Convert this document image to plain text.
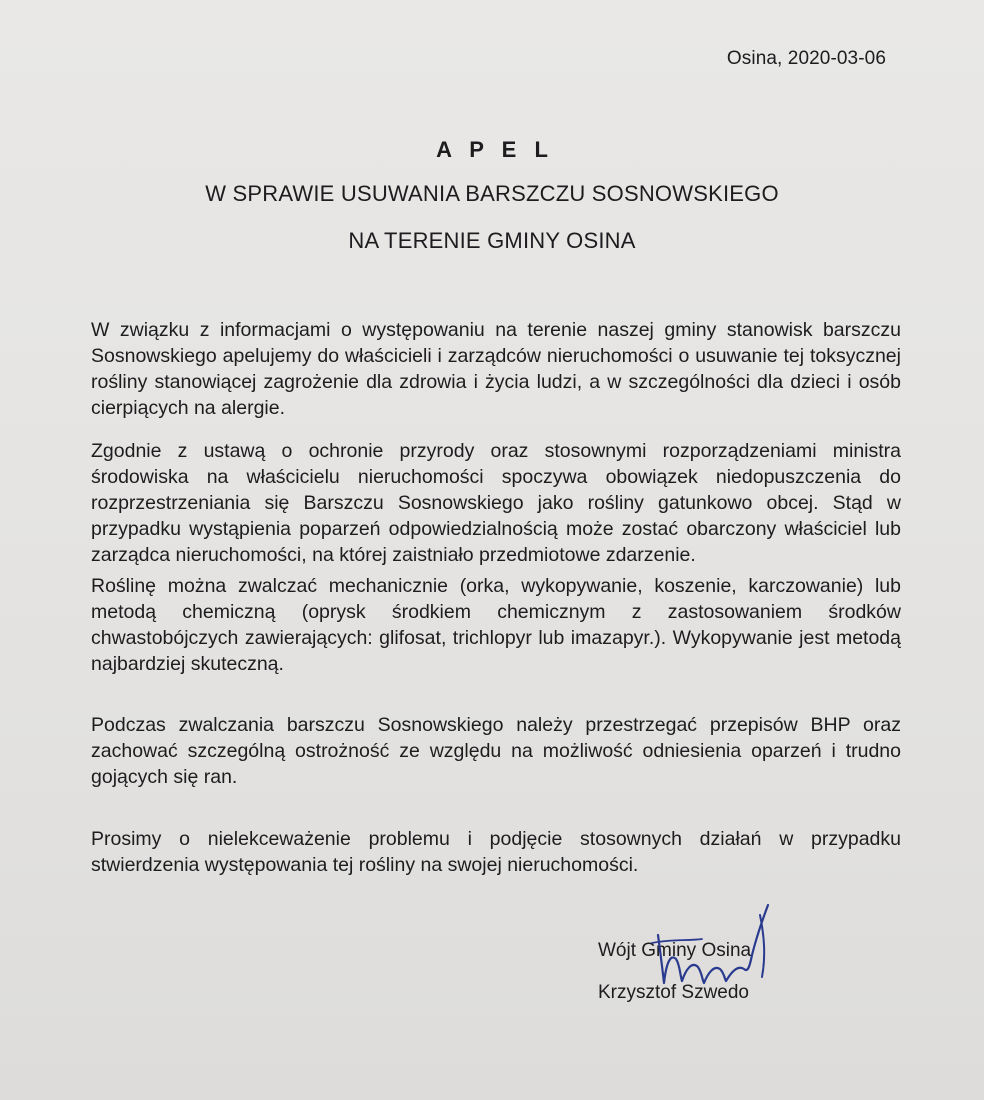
Osina, 2020-03-06
A P E L
W SPRAWIE USUWANIA BARSZCZU SOSNOWSKIEGO
NA TERENIE GMINY OSINA
W związku z informacjami o występowaniu na terenie naszej gminy stanowisk barszczu Sosnowskiego apelujemy do właścicieli i zarządców nieruchomości o usuwanie tej toksycznej rośliny stanowiącej zagrożenie dla zdrowia i życia ludzi, a w szczególności dla dzieci i osób cierpiących na alergie.
Zgodnie z ustawą o ochronie przyrody oraz stosownymi rozporządzeniami ministra środowiska na właścicielu nieruchomości spoczywa obowiązek niedopuszczenia do rozprzestrzeniania się Barszczu Sosnowskiego jako rośliny gatunkowo obcej. Stąd w przypadku wystąpienia poparzeń odpowiedzialnością może zostać obarczony właściciel lub zarządca nieruchomości, na której zaistniało przedmiotowe zdarzenie.
Roślinę można zwalczać mechanicznie (orka, wykopywanie, koszenie, karczowanie) lub metodą chemiczną (oprysk środkiem chemicznym z zastosowaniem środków chwastobójczych zawierających: glifosat, trichlopyr lub imazapyr.). Wykopywanie jest metodą najbardziej skuteczną.
Podczas zwalczania barszczu Sosnowskiego należy przestrzegać przepisów BHP oraz zachować szczególną ostrożność ze względu na możliwość odniesienia oparzeń i trudno gojących się ran.
Prosimy o nielekceważenie problemu i podjęcie stosownych działań w przypadku stwierdzenia występowania tej rośliny na swojej nieruchomości.
Wójt Gminy Osina
Krzysztof Szwedo
